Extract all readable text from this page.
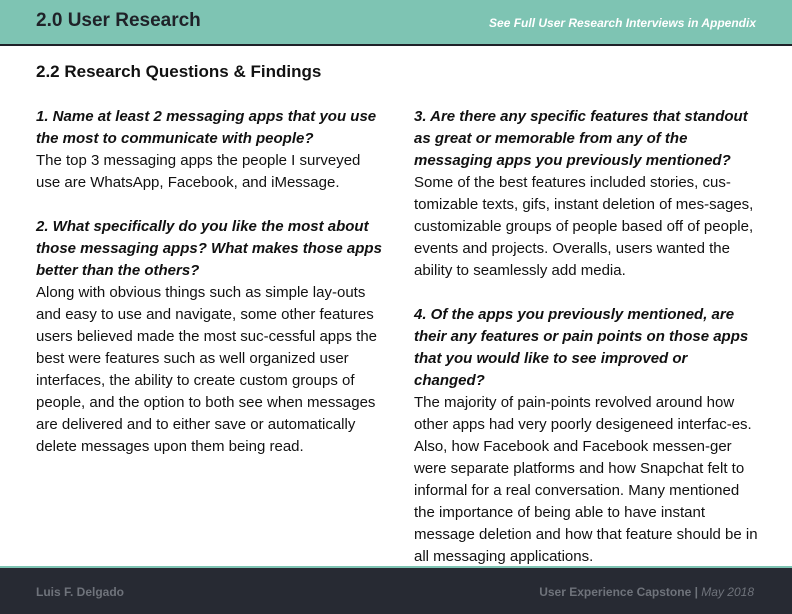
2.0 User Research	See Full User Research Interviews in Appendix
2.2 Research Questions & Findings
1. Name at least 2 messaging apps that you use the most to communicate with people?
The top 3 messaging apps the people I surveyed use are WhatsApp, Facebook, and iMessage.
2. What specifically do you like the most about those messaging apps? What makes those apps better than the others?
Along with obvious things such as simple lay-outs and easy to use and navigate, some other features users believed made the most suc-cessful apps the best were features such as well organized user interfaces, the ability to create custom groups of people, and the option to both see when messages are delivered and to either save or automatically delete messages upon them being read.
3. Are there any specific features that standout as great or memorable from any of the messaging apps you previously mentioned?
Some of the best features included stories, cus-tomizable texts, gifs, instant deletion of mes-sages, customizable groups of people based off of people, events and projects. Overalls, users wanted the ability to seamlessly add media.
4. Of the apps you previously mentioned, are their any features or pain points on those apps that you would like to see improved or changed?
The majority of pain-points revolved around how other apps had very poorly desigeneed interfac-es. Also, how Facebook and Facebook messen-ger were separate platforms and how Snapchat felt to informal for a real conversation. Many mentioned the importance of being able to have instant message deletion and how that feature should be in all messaging applications.
Luis F. Delgado	User Experience Capstone | May 2018
